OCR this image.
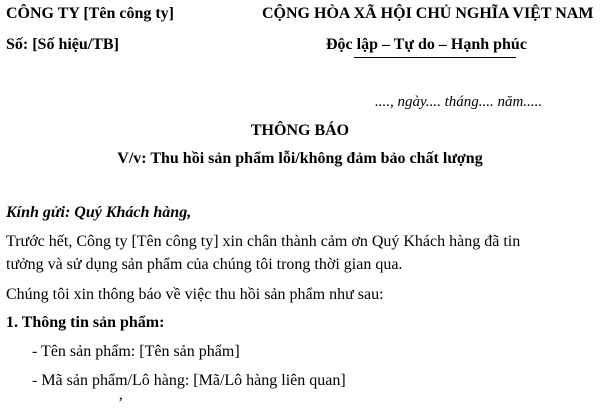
CÔNG TY [Tên công ty]	CỘNG HÒA XÃ HỘI CHỦ NGHĨA VIỆT NAM
Số: [Số hiệu/TB]	Độc lập – Tự do – Hạnh phúc
...., ngày.... tháng.... năm.....
THÔNG BÁO
V/v: Thu hồi sản phẩm lỗi/không đảm bảo chất lượng
Kính gửi: Quý Khách hàng,
Trước hết, Công ty [Tên công ty] xin chân thành cảm ơn Quý Khách hàng đã tin
tưởng và sử dụng sản phẩm của chúng tôi trong thời gian qua.
Chúng tôi xin thông báo về việc thu hồi sản phẩm như sau:
1. Thông tin sản phẩm:
- Tên sản phẩm: [Tên sản phẩm]
- Mã sản phẩm/Lô hàng: [Mã/Lô hàng liên quan]
’
